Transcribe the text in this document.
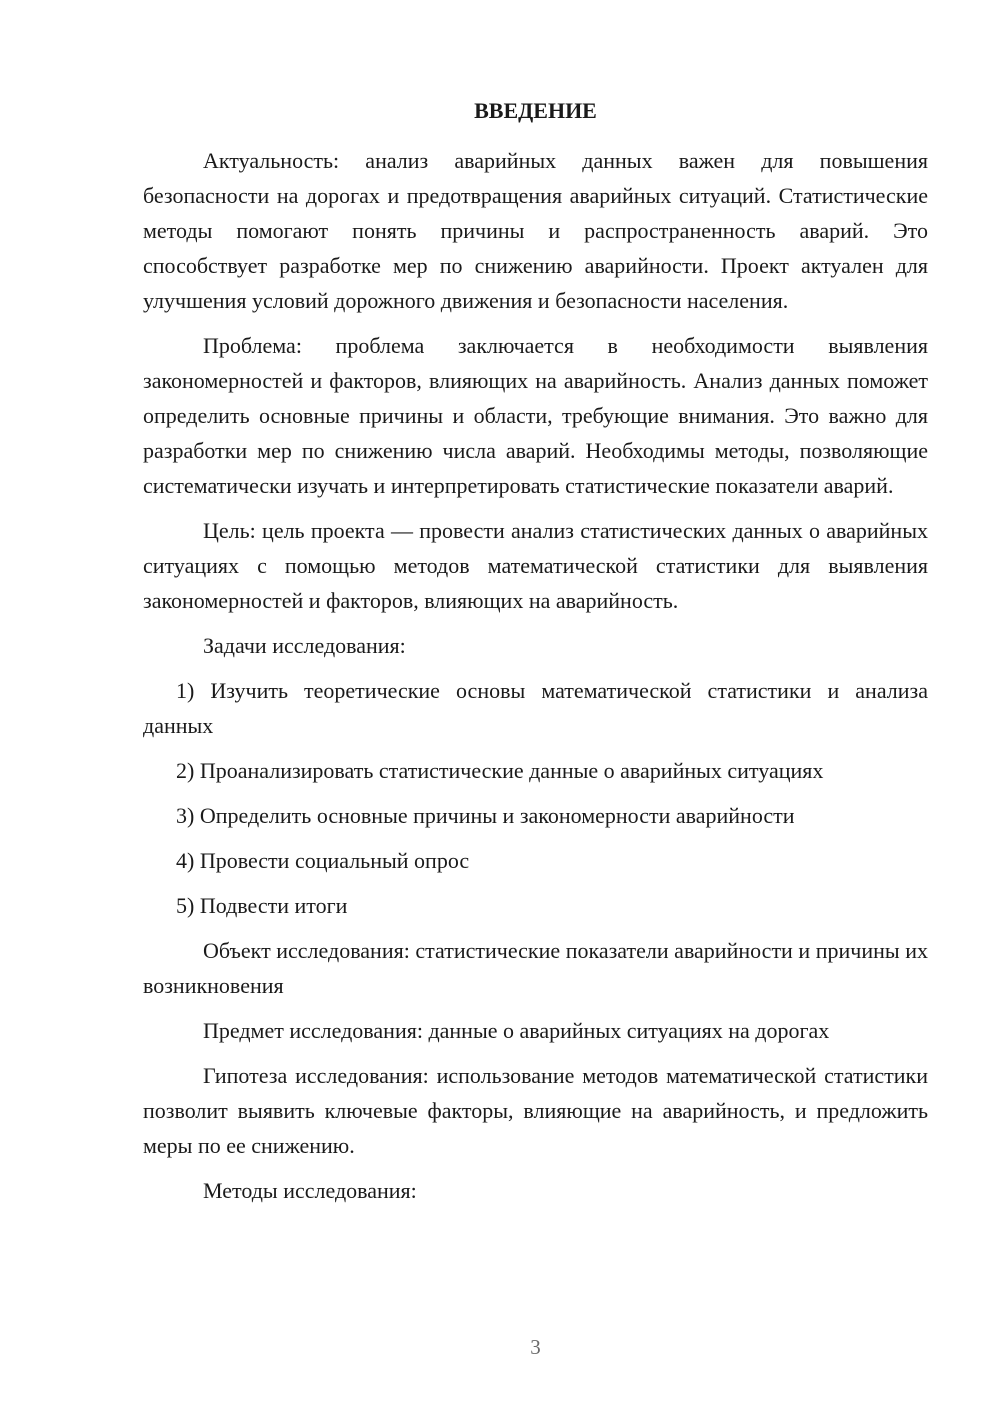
ВВЕДЕНИЕ

Актуальность: анализ аварийных данных важен для повышения безопасности на дорогах и предотвращения аварийных ситуаций. Статистические методы помогают понять причины и распространенность аварий. Это способствует разработке мер по снижению аварийности. Проект актуален для улучшения условий дорожного движения и безопасности населения.

Проблема: проблема заключается в необходимости выявления закономерностей и факторов, влияющих на аварийность. Анализ данных поможет определить основные причины и области, требующие внимания. Это важно для разработки мер по снижению числа аварий. Необходимы методы, позволяющие систематически изучать и интерпретировать статистические показатели аварий.

Цель: цель проекта — провести анализ статистических данных о аварийных ситуациях с помощью методов математической статистики для выявления закономерностей и факторов, влияющих на аварийность.

Задачи исследования:

1) Изучить теоретические основы математической статистики и анализа данных

2) Проанализировать статистические данные о аварийных ситуациях

3) Определить основные причины и закономерности аварийности

4) Провести социальный опрос

5) Подвести итоги

Объект исследования: статистические показатели аварийности и причины их возникновения

Предмет исследования: данные о аварийных ситуациях на дорогах

Гипотеза исследования: использование методов математической статистики позволит выявить ключевые факторы, влияющие на аварийность, и предложить меры по ее снижению.

Методы исследования:

3
